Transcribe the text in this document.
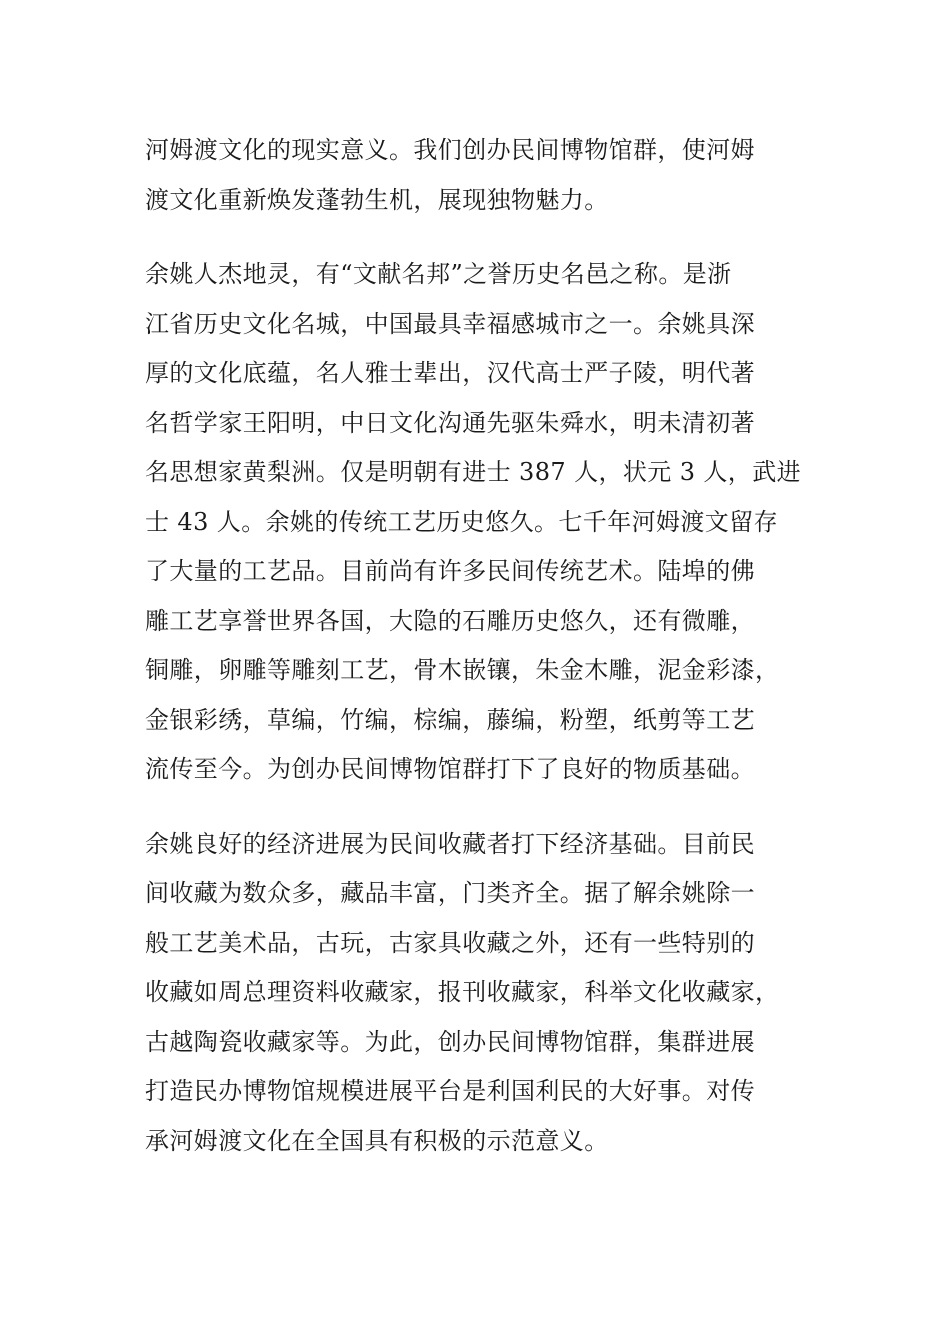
河姆渡文化的现实意义。我们创办民间博物馆群，使河姆
渡文化重新焕发蓬勃生机，展现独物魅力。
余姚人杰地灵，有“文献名邦”之誉历史名邑之称。是浙
江省历史文化名城，中国最具幸福感城市之一。余姚具深
厚的文化底蕴，名人雅士辈出，汉代高士严子陵，明代著
名哲学家王阳明，中日文化沟通先驱朱舜水，明未清初著
名思想家黄梨洲。仅是明朝有进士 387 人，状元 3 人，武进
士 43 人。余姚的传统工艺历史悠久。七千年河姆渡文留存
了大量的工艺品。目前尚有许多民间传统艺术。陆埠的佛
雕工艺享誉世界各国，大隐的石雕历史悠久，还有微雕，
铜雕，卵雕等雕刻工艺，骨木嵌镶，朱金木雕，泥金彩漆，
金银彩绣，草编，竹编，棕编，藤编，粉塑，纸剪等工艺
流传至今。为创办民间博物馆群打下了良好的物质基础。
余姚良好的经济进展为民间收藏者打下经济基础。目前民
间收藏为数众多，藏品丰富，门类齐全。据了解余姚除一
般工艺美术品，古玩，古家具收藏之外，还有一些特别的
收藏如周总理资料收藏家，报刊收藏家，科举文化收藏家，
古越陶瓷收藏家等。为此，创办民间博物馆群，集群进展
打造民办博物馆规模进展平台是利国利民的大好事。对传
承河姆渡文化在全国具有积极的示范意义。
